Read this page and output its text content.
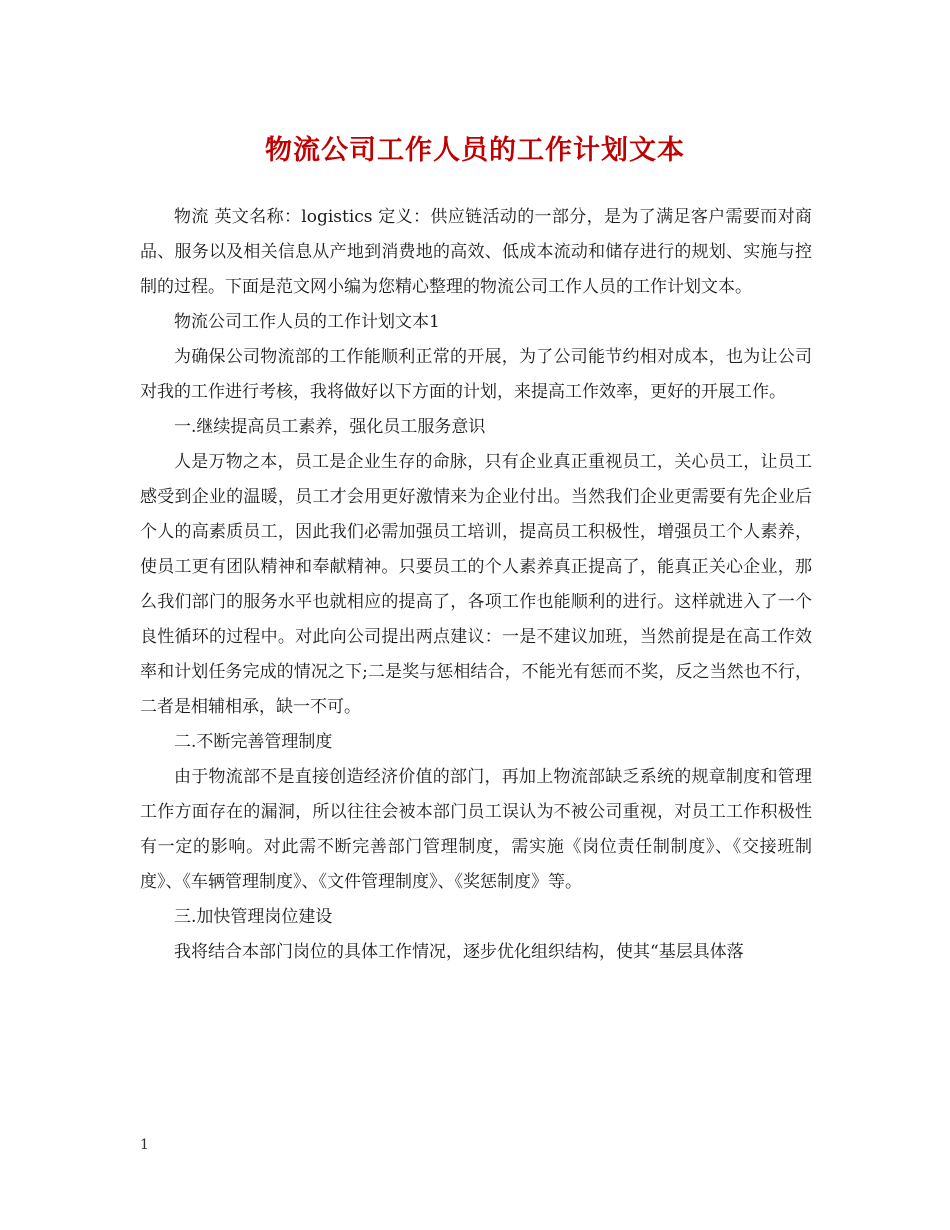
物流公司工作人员的工作计划文本

物流 英文名称：logistics 定义：供应链活动的一部分，是为了满足客户需要而对商品、服务以及相关信息从产地到消费地的高效、低成本流动和储存进行的规划、实施与控制的过程。下面是范文网小编为您精心整理的物流公司工作人员的工作计划文本。

物流公司工作人员的工作计划文本1

为确保公司物流部的工作能顺利正常的开展，为了公司能节约相对成本，也为让公司对我的工作进行考核，我将做好以下方面的计划，来提高工作效率，更好的开展工作。

一.继续提高员工素养，强化员工服务意识

人是万物之本，员工是企业生存的命脉，只有企业真正重视员工，关心员工，让员工感受到企业的温暖，员工才会用更好激情来为企业付出。当然我们企业更需要有先企业后个人的高素质员工，因此我们必需加强员工培训，提高员工积极性，增强员工个人素养，使员工更有团队精神和奉献精神。只要员工的个人素养真正提高了，能真正关心企业，那么我们部门的服务水平也就相应的提高了，各项工作也能顺利的进行。这样就进入了一个良性循环的过程中。对此向公司提出两点建议：一是不建议加班，当然前提是在高工作效率和计划任务完成的情况之下;二是奖与惩相结合，不能光有惩而不奖，反之当然也不行，二者是相辅相承，缺一不可。

二.不断完善管理制度

由于物流部不是直接创造经济价值的部门，再加上物流部缺乏系统的规章制度和管理工作方面存在的漏洞，所以往往会被本部门员工误认为不被公司重视，对员工工作积极性有一定的影响。对此需不断完善部门管理制度，需实施《岗位责任制制度》、《交接班制度》、《车辆管理制度》、《文件管理制度》、《奖惩制度》等。

三.加快管理岗位建设

我将结合本部门岗位的具体工作情况，逐步优化组织结构，使其“基层具体落

1
